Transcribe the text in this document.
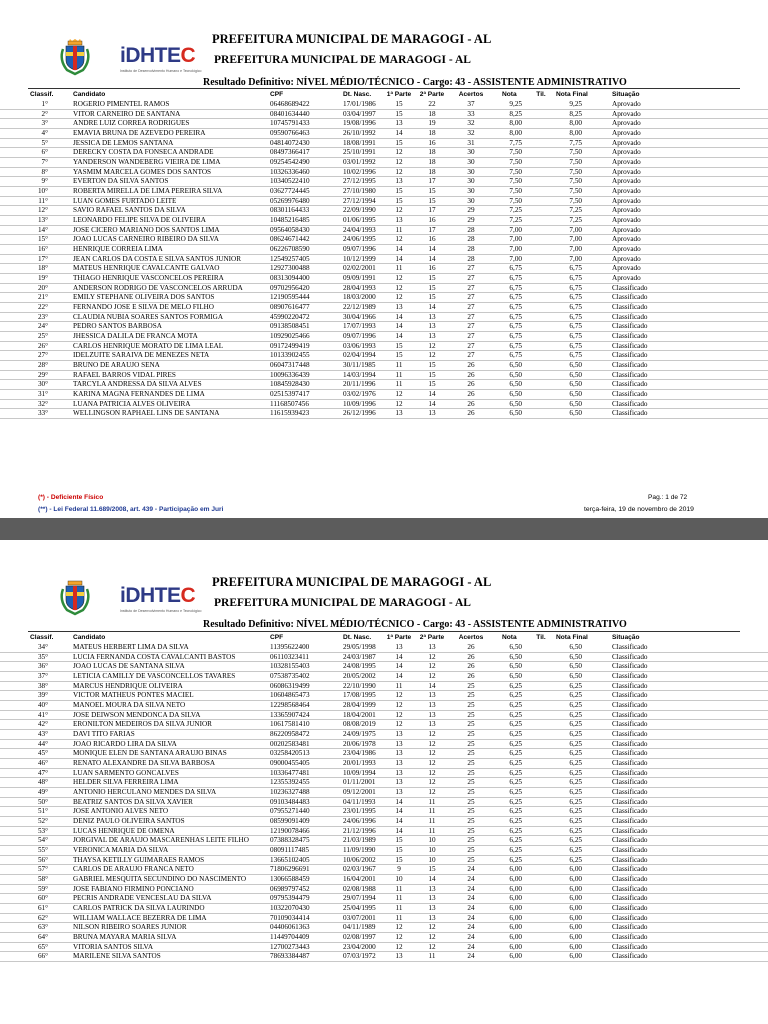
iDHTEC
Instituto de Desenvolvimento Humano e Tecnológico
PREFEITURA MUNICIPAL DE MARAGOGI - AL
PREFEITURA MUNICIPAL DE MARAGOGI - AL
Resultado Definitivo: NÍVEL MÉDIO/TÉCNICO - Cargo: 43 - ASSISTENTE ADMINISTRATIVO
Classif.	Candidato	CPF	Dt. Nasc.	1ª Parte	2ª Parte	Acertos	Nota	Til.	Nota Final	Situação
1°	ROGERIO PIMENTEL RAMOS	06468689422	17/01/1986	15	22	37	9,25	9,25	Aprovado
2°	VITOR CARNEIRO DE SANTANA	08401634440	03/04/1997	15	18	33	8,25	8,25	Aprovado
3°	ANDRE LUIZ CORREA RODRIGUES	10745791433	19/08/1996	13	19	32	8,00	8,00	Aprovado
4°	EMAVIA BRUNA DE AZEVEDO PEREIRA	09590766463	26/10/1992	14	18	32	8,00	8,00	Aprovado
5°	JESSICA DE LEMOS SANTANA	04814072430	18/08/1991	15	16	31	7,75	7,75	Aprovado
6°	DERECKY COSTA DA FONSECA ANDRADE	08497366417	25/10/1991	12	18	30	7,50	7,50	Aprovado
7°	YANDERSON WANDEBERG VIEIRA DE LIMA	09254542490	03/01/1992	12	18	30	7,50	7,50	Aprovado
8°	YASMIM MARCELA GOMES DOS SANTOS	10326336460	10/02/1996	12	18	30	7,50	7,50	Aprovado
9°	EVERTON DA SILVA SANTOS	10340522410	27/12/1995	13	17	30	7,50	7,50	Aprovado
10°	ROBERTA MIRELLA DE LIMA PEREIRA SILVA	03627724445	27/10/1980	15	15	30	7,50	7,50	Aprovado
11°	LUAN GOMES FURTADO LEITE	05269976480	27/12/1994	15	15	30	7,50	7,50	Aprovado
12°	SAVIO RAFAEL SANTOS DA SILVA	08301164433	22/09/1990	12	17	29	7,25	7,25	Aprovado
13°	LEONARDO FELIPE SILVA DE OLIVEIRA	10485216485	01/06/1995	13	16	29	7,25	7,25	Aprovado
14°	JOSE CICERO MARIANO DOS SANTOS LIMA	09564058430	24/04/1993	11	17	28	7,00	7,00	Aprovado
15°	JOAO LUCAS CARNEIRO RIBEIRO DA SILVA	08624671442	24/06/1995	12	16	28	7,00	7,00	Aprovado
16°	HENRIQUE CORREIA LIMA	06226708590	09/07/1996	14	14	28	7,00	7,00	Aprovado
17°	JEAN CARLOS DA COSTA E SILVA SANTOS JUNIOR	12549257405	10/12/1999	14	14	28	7,00	7,00	Aprovado
18°	MATEUS HENRIQUE CAVALCANTE GALVAO	12927300488	02/02/2001	11	16	27	6,75	6,75	Aprovado
19°	THIAGO HENRIQUE VASCONCELOS PEREIRA	08313094400	09/09/1991	12	15	27	6,75	6,75	Aprovado
20°	ANDERSON RODRIGO DE VASCONCELOS ARRUDA	09702956420	28/04/1993	12	15	27	6,75	6,75	Classificado
21°	EMILY STEPHANE OLIVEIRA DOS SANTOS	12190595444	18/03/2000	12	15	27	6,75	6,75	Classificado
22°	FERNANDO JOSE E SILVA DE MELO FILHO	08907616477	22/12/1989	13	14	27	6,75	6,75	Classificado
23°	CLAUDIA NUBIA SOARES SANTOS FORMIGA	45990220472	30/04/1966	14	13	27	6,75	6,75	Classificado
24°	PEDRO SANTOS BARBOSA	09138508451	17/07/1993	14	13	27	6,75	6,75	Classificado
25°	JHESSICA DALILA DE FRANCA MOTA	10929025466	09/07/1996	14	13	27	6,75	6,75	Classificado
26°	CARLOS HENRIQUE MORATO DE LIMA LEAL	09172499419	03/06/1993	15	12	27	6,75	6,75	Classificado
27°	IDELZUITE SARAIVA DE MENEZES NETA	10133902455	02/04/1994	15	12	27	6,75	6,75	Classificado
28°	BRUNO DE ARAUJO SENA	06047317448	30/11/1985	11	15	26	6,50	6,50	Classificado
29°	RAFAEL BARROS VIDAL PIRES	10096336439	14/03/1994	11	15	26	6,50	6,50	Classificado
30°	TARCYLA ANDRESSA DA SILVA ALVES	10845928430	20/11/1996	11	15	26	6,50	6,50	Classificado
31°	KARINA MAGNA FERNANDES DE LIMA	02515397417	03/02/1976	12	14	26	6,50	6,50	Classificado
32°	LUANA PATRICIA ALVES OLIVEIRA	11168507456	10/09/1996	12	14	26	6,50	6,50	Classificado
33°	WELLINGSON RAPHAEL LINS DE SANTANA	11615939423	26/12/1996	13	13	26	6,50	6,50	Classificado
(*) - Deficiente Físico
(**) - Lei Federal 11.689/2008, art. 439 - Participação em Juri
Pag.: 1 de 72
terça-feira, 19 de novembro de 2019
iDHTEC
Instituto de Desenvolvimento Humano e Tecnológico
PREFEITURA MUNICIPAL DE MARAGOGI - AL
PREFEITURA MUNICIPAL DE MARAGOGI - AL
Resultado Definitivo: NÍVEL MÉDIO/TÉCNICO - Cargo: 43 - ASSISTENTE ADMINISTRATIVO
Classif.	Candidato	CPF	Dt. Nasc.	1ª Parte	2ª Parte	Acertos	Nota	Til.	Nota Final	Situação
34°	MATEUS HERBERT LIMA DA SILVA	11395622400	29/05/1998	13	13	26	6,50	6,50	Classificado
35°	LUCIA FERNANDA COSTA CAVALCANTI BASTOS	06110323411	24/03/1987	14	12	26	6,50	6,50	Classificado
36°	JOAO LUCAS DE SANTANA SILVA	10328155403	24/08/1995	14	12	26	6,50	6,50	Classificado
37°	LETICIA CAMILLY DE VASCONCELLOS TAVARES	07538735402	20/05/2002	14	12	26	6,50	6,50	Classificado
38°	MARCUS HENDRIQUE OLIVEIRA	06086319499	22/10/1990	11	14	25	6,25	6,25	Classificado
39°	VICTOR MATHEUS PONTES MACIEL	10604865473	17/08/1995	12	13	25	6,25	6,25	Classificado
40°	MANOEL MOURA DA SILVA NETO	12298568464	28/04/1999	12	13	25	6,25	6,25	Classificado
41°	JOSE DEIWSON MENDONCA DA SILVA	13365907424	18/04/2001	12	13	25	6,25	6,25	Classificado
42°	ERONILTON MEDEIROS DA SILVA JUNIOR	10617581410	08/08/2019	12	13	25	6,25	6,25	Classificado
43°	DAVI TITO FARIAS	86220958472	24/09/1975	13	12	25	6,25	6,25	Classificado
44°	JOAO RICARDO LIRA DA SILVA	00202583481	20/06/1978	13	12	25	6,25	6,25	Classificado
45°	MONIQUE ELEN DE SANTANA ARAUJO BINAS	03258420513	23/04/1986	13	12	25	6,25	6,25	Classificado
46°	RENATO ALEXANDRE DA SILVA BARBOSA	09000455405	20/01/1993	13	12	25	6,25	6,25	Classificado
47°	LUAN SARMENTO GONCALVES	10336477481	10/09/1994	13	12	25	6,25	6,25	Classificado
48°	HELDER SILVA FERREIRA LIMA	12355392455	01/11/2001	13	12	25	6,25	6,25	Classificado
49°	ANTONIO HERCULANO MENDES DA SILVA	10236327488	09/12/2001	13	12	25	6,25	6,25	Classificado
50°	BEATRIZ SANTOS DA SILVA XAVIER	09103484483	04/11/1993	14	11	25	6,25	6,25	Classificado
51°	JOSE ANTONIO ALVES NETO	07955271440	23/01/1995	14	11	25	6,25	6,25	Classificado
52°	DENIZ PAULO OLIVEIRA SANTOS	08599091409	24/06/1996	14	11	25	6,25	6,25	Classificado
53°	LUCAS HENRIQUE DE OMENA	12190078466	21/12/1996	14	11	25	6,25	6,25	Classificado
54°	JORGIVAL DE ARAUJO MASCARENHAS LEITE FILHO	07388328475	21/03/1989	15	10	25	6,25	6,25	Classificado
55°	VERONICA MARIA DA SILVA	08091117485	11/09/1990	15	10	25	6,25	6,25	Classificado
56°	THAYSA KETILLY GUIMARAES RAMOS	13665102405	10/06/2002	15	10	25	6,25	6,25	Classificado
57°	CARLOS DE ARAUJO FRANCA NETO	71806296691	02/03/1967	9	15	24	6,00	6,00	Classificado
58°	GABRIEL MESQUITA SECUNDINO DO NASCIMENTO	13066588459	16/04/2001	10	14	24	6,00	6,00	Classificado
59°	JOSE FABIANO FIRMINO PONCIANO	06989797452	02/08/1988	11	13	24	6,00	6,00	Classificado
60°	PECRIS ANDRADE VENCESLAU DA SILVA	09795394479	29/07/1994	11	13	24	6,00	6,00	Classificado
61°	CARLOS PATRICK DA SILVA LAURINDO	10322070430	25/04/1995	11	13	24	6,00	6,00	Classificado
62°	WILLIAM WALLACE BEZERRA DE LIMA	70109034414	03/07/2001	11	13	24	6,00	6,00	Classificado
63°	NILSON RIBEIRO SOARES JUNIOR	04406061363	04/11/1989	12	12	24	6,00	6,00	Classificado
64°	BRUNA MAYARA MARIA SILVA	11449704409	02/08/1997	12	12	24	6,00	6,00	Classificado
65°	VITORIA SANTOS SILVA	12700273443	23/04/2000	12	12	24	6,00	6,00	Classificado
66°	MARILENE SILVA SANTOS	78693384487	07/03/1972	13	11	24	6,00	6,00	Classificado
